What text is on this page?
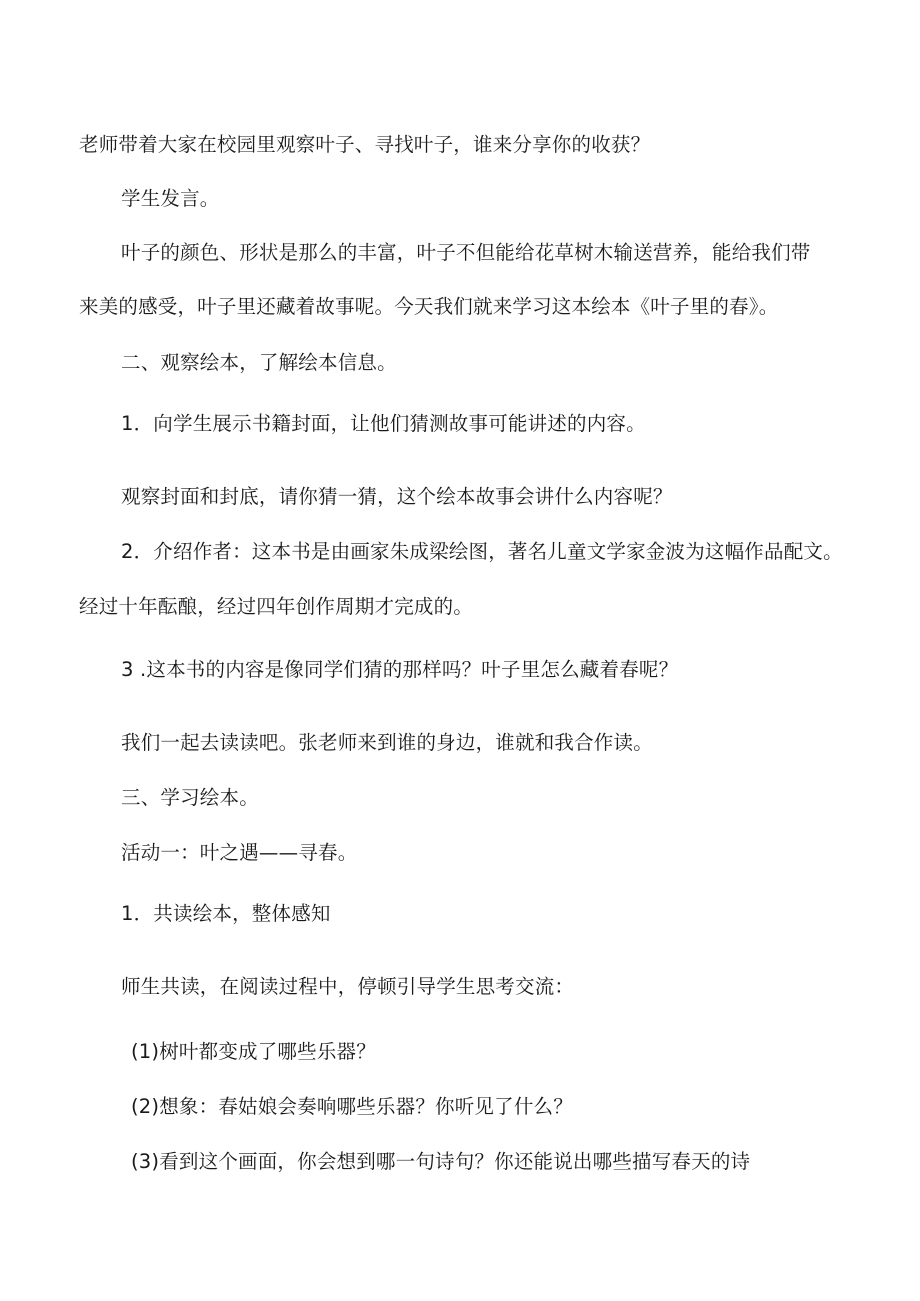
老师带着大家在校园里观察叶子、寻找叶子，谁来分享你的收获？
学生发言。
叶子的颜色、形状是那么的丰富，叶子不但能给花草树木输送营养，能给我们带
来美的感受，叶子里还藏着故事呢。今天我们就来学习这本绘本《叶子里的春》。
二、观察绘本，了解绘本信息。
1．向学生展示书籍封面，让他们猜测故事可能讲述的内容。
观察封面和封底，请你猜一猜，这个绘本故事会讲什么内容呢？
2．介绍作者：这本书是由画家朱成梁绘图，著名儿童文学家金波为这幅作品配文。
经过十年酝酿，经过四年创作周期才完成的。
3 .这本书的内容是像同学们猜的那样吗？叶子里怎么藏着春呢？
我们一起去读读吧。张老师来到谁的身边，谁就和我合作读。
三、学习绘本。
活动一：叶之遇——寻春。
1．共读绘本，整体感知
师生共读，在阅读过程中，停顿引导学生思考交流：
(1)树叶都变成了哪些乐器？
(2)想象：春姑娘会奏响哪些乐器？你听见了什么？
(3)看到这个画面，你会想到哪一句诗句？你还能说出哪些描写春天的诗
